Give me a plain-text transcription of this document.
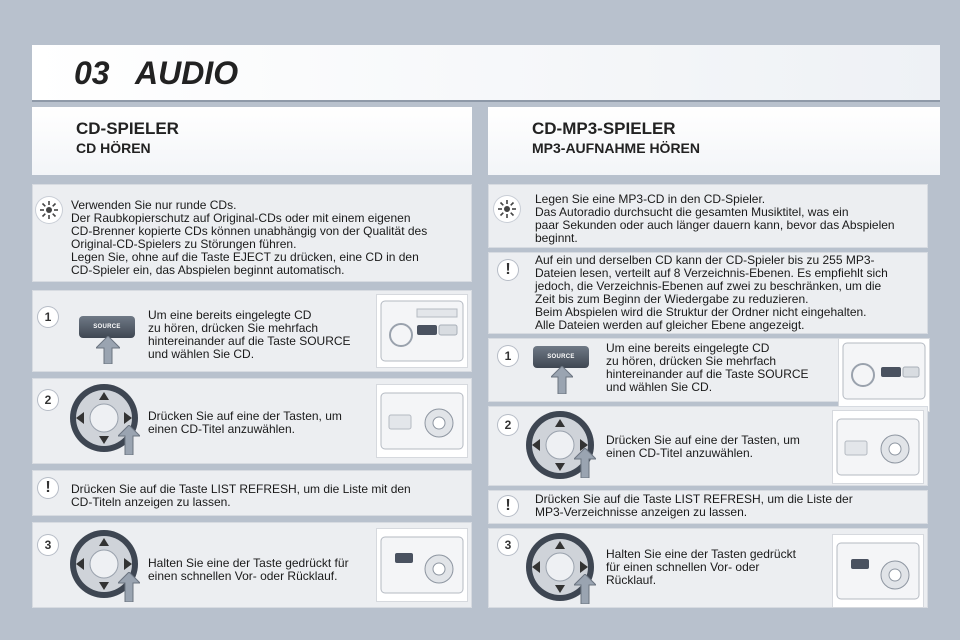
03 AUDIO
CD-SPIELER
CD HÖREN
CD-MP3-SPIELER
MP3-AUFNAHME HÖREN
Verwenden Sie nur runde CDs.
Der Raubkopierschutz auf Original-CDs oder mit einem eigenen
CD-Brenner kopierte CDs können unabhängig von der Qualität des
Original-CD-Spielers zu Störungen führen.
Legen Sie, ohne auf die Taste EJECT zu drücken, eine CD in den
CD-Spieler ein, das Abspielen beginnt automatisch.
1
SOURCE
Um eine bereits eingelegte CD
zu hören, drücken Sie mehrfach
hintereinander auf die Taste SOURCE
und wählen Sie CD.
2
Drücken Sie auf eine der Tasten, um
einen CD-Titel anzuwählen.
!	Drücken Sie auf die Taste LIST REFRESH, um die Liste mit den
CD-Titeln anzeigen zu lassen.
3
Halten Sie eine der Taste gedrückt für
einen schnellen Vor- oder Rücklauf.
Legen Sie eine MP3-CD in den CD-Spieler.
Das Autoradio durchsucht die gesamten Musiktitel, was ein
paar Sekunden oder auch länger dauern kann, bevor das Abspielen
beginnt.
!
Auf ein und derselben CD kann der CD-Spieler bis zu 255 MP3-
Dateien lesen, verteilt auf 8 Verzeichnis-Ebenen. Es empfiehlt sich
jedoch, die Verzeichnis-Ebenen auf zwei zu beschränken, um die
Zeit bis zum Beginn der Wiedergabe zu reduzieren.
Beim Abspielen wird die Struktur der Ordner nicht eingehalten.
Alle Dateien werden auf gleicher Ebene angezeigt.
1	SOURCE
Um eine bereits eingelegte CD
zu hören, drücken Sie mehrfach
hintereinander auf die Taste SOURCE
und wählen Sie CD.
2
Drücken Sie auf eine der Tasten, um
einen CD-Titel anzuwählen.
!	Drücken Sie auf die Taste LIST REFRESH, um die Liste der
MP3-Verzeichnisse anzeigen zu lassen.
3
Halten Sie eine der Tasten gedrückt
für einen schnellen Vor- oder
Rücklauf.
